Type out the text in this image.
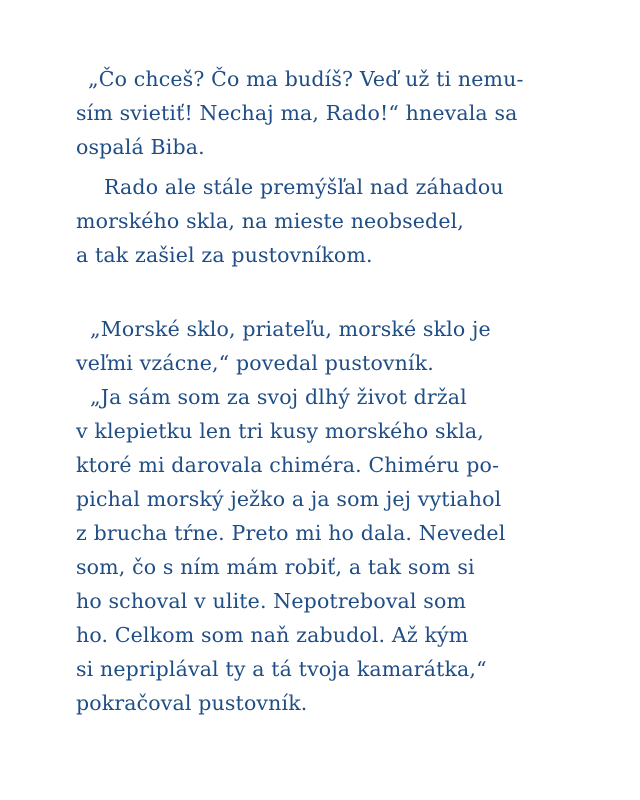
„Čo chceš? Čo ma budíš? Veď už ti nemu-
sím svietiť! Nechaj ma, Rado!“ hnevala sa
ospalá Biba.
Rado ale stále premýšľal nad záhadou
morského skla, na mieste neobsedel,
a tak zašiel za pustovníkom.
„Morské sklo, priateľu, morské sklo je
veľmi vzácne,“ povedal pustovník.
„Ja sám som za svoj dlhý život držal
v klepietku len tri kusy morského skla,
ktoré mi darovala chiméra. Chiméru po-
pichal morský ježko a ja som jej vytiahol
z brucha tŕne. Preto mi ho dala. Nevedel
som, čo s ním mám robiť, a tak som si
ho schoval v ulite. Nepotreboval som
ho. Celkom som naň zabudol. Až kým
si nepriplával ty a tá tvoja kamarátka,“
pokračoval pustovník.
